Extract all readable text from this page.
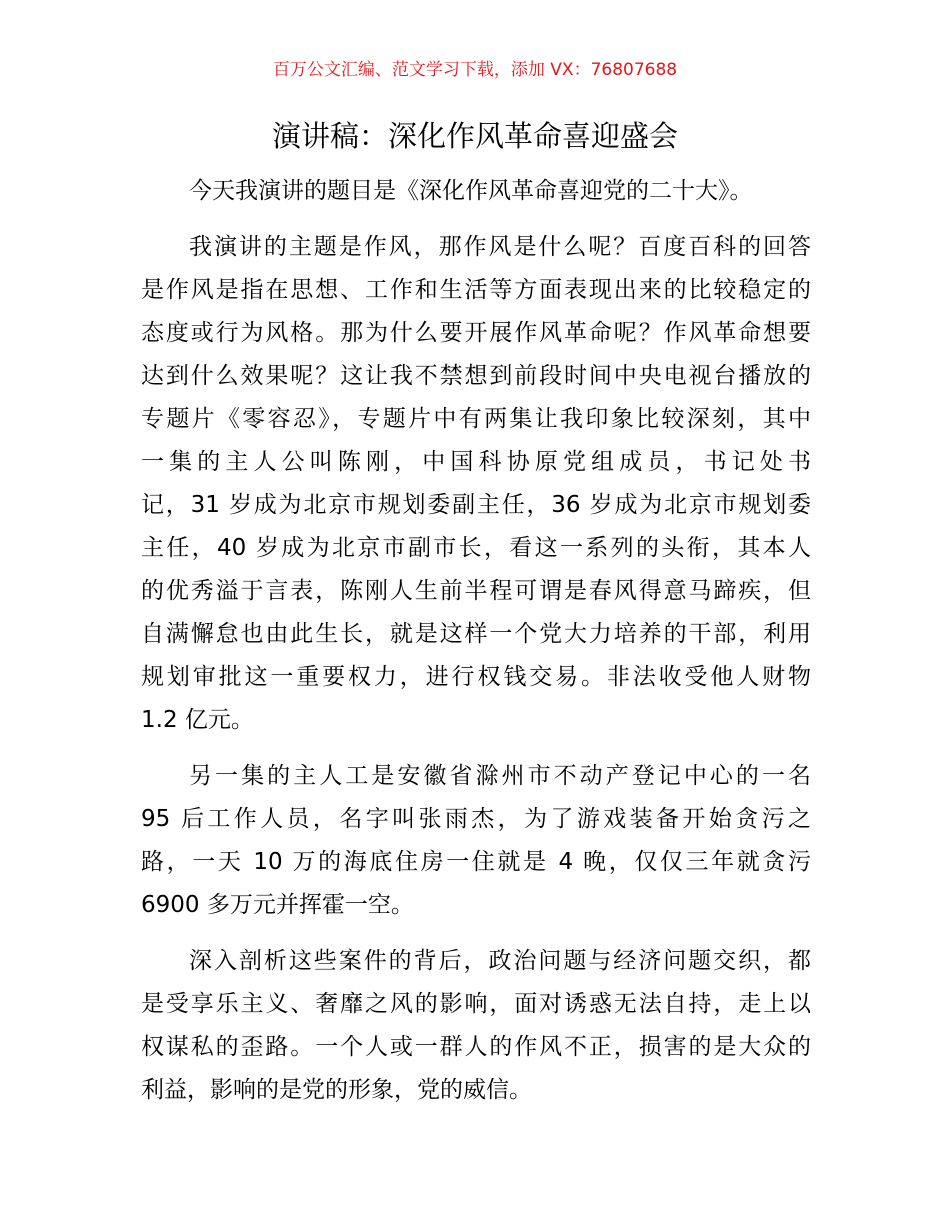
百万公文汇编、范文学习下载，添加 VX：76807688
演讲稿：深化作风革命喜迎盛会
今天我演讲的题目是《深化作风革命喜迎党的二十大》。
我演讲的主题是作风，那作风是什么呢？百度百科的回答
是作风是指在思想、工作和生活等方面表现出来的比较稳定的
态度或行为风格。那为什么要开展作风革命呢？作风革命想要
达到什么效果呢？这让我不禁想到前段时间中央电视台播放的
专题片《零容忍》，专题片中有两集让我印象比较深刻，其中
一集的主人公叫陈刚，中国科协原党组成员，书记处书
记，31 岁成为北京市规划委副主任，36 岁成为北京市规划委
主任，40 岁成为北京市副市长，看这一系列的头衔，其本人
的优秀溢于言表，陈刚人生前半程可谓是春风得意马蹄疾，但
自满懈怠也由此生长，就是这样一个党大力培养的干部，利用
规划审批这一重要权力，进行权钱交易。非法收受他人财物
1.2 亿元。
另一集的主人工是安徽省滁州市不动产登记中心的一名
95 后工作人员，名字叫张雨杰，为了游戏装备开始贪污之
路，一天 10 万的海底住房一住就是 4 晚，仅仅三年就贪污
6900 多万元并挥霍一空。
深入剖析这些案件的背后，政治问题与经济问题交织，都
是受享乐主义、奢靡之风的影响，面对诱惑无法自持，走上以
权谋私的歪路。一个人或一群人的作风不正，损害的是大众的
利益，影响的是党的形象，党的威信。
